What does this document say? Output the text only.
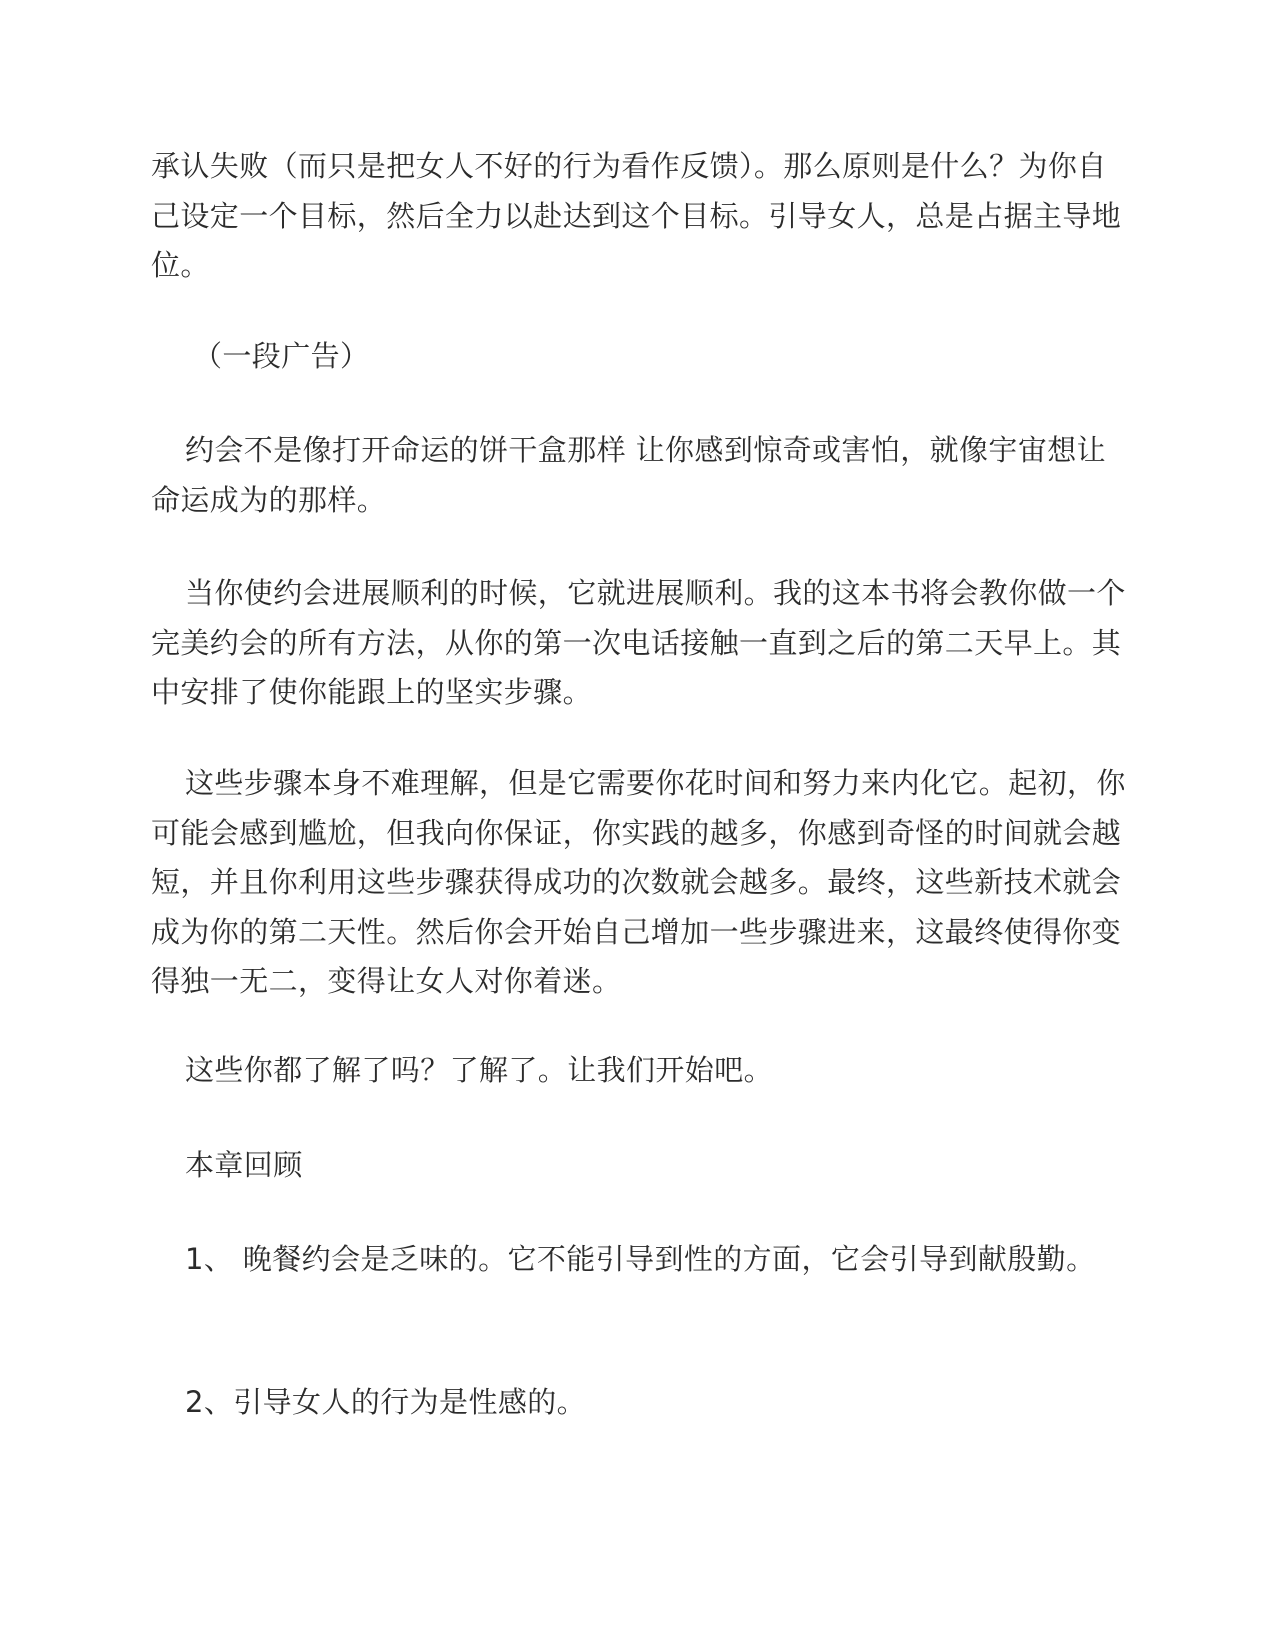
承认失败（而只是把女人不好的行为看作反馈）。那么原则是什么？为你自己设定一个目标，然后全力以赴达到这个目标。引导女人，总是占据主导地位。

（一段广告）

约会不是像打开命运的饼干盒那样 让你感到惊奇或害怕，就像宇宙想让命运成为的那样。

当你使约会进展顺利的时候，它就进展顺利。我的这本书将会教你做一个完美约会的所有方法，从你的第一次电话接触一直到之后的第二天早上。其中安排了使你能跟上的坚实步骤。

这些步骤本身不难理解，但是它需要你花时间和努力来内化它。起初，你可能会感到尴尬，但我向你保证，你实践的越多，你感到奇怪的时间就会越短，并且你利用这些步骤获得成功的次数就会越多。最终，这些新技术就会成为你的第二天性。然后你会开始自己增加一些步骤进来，这最终使得你变得独一无二，变得让女人对你着迷。

这些你都了解了吗？了解了。让我们开始吧。

本章回顾

1、 晚餐约会是乏味的。它不能引导到性的方面，它会引导到献殷勤。

2、引导女人的行为是性感的。
